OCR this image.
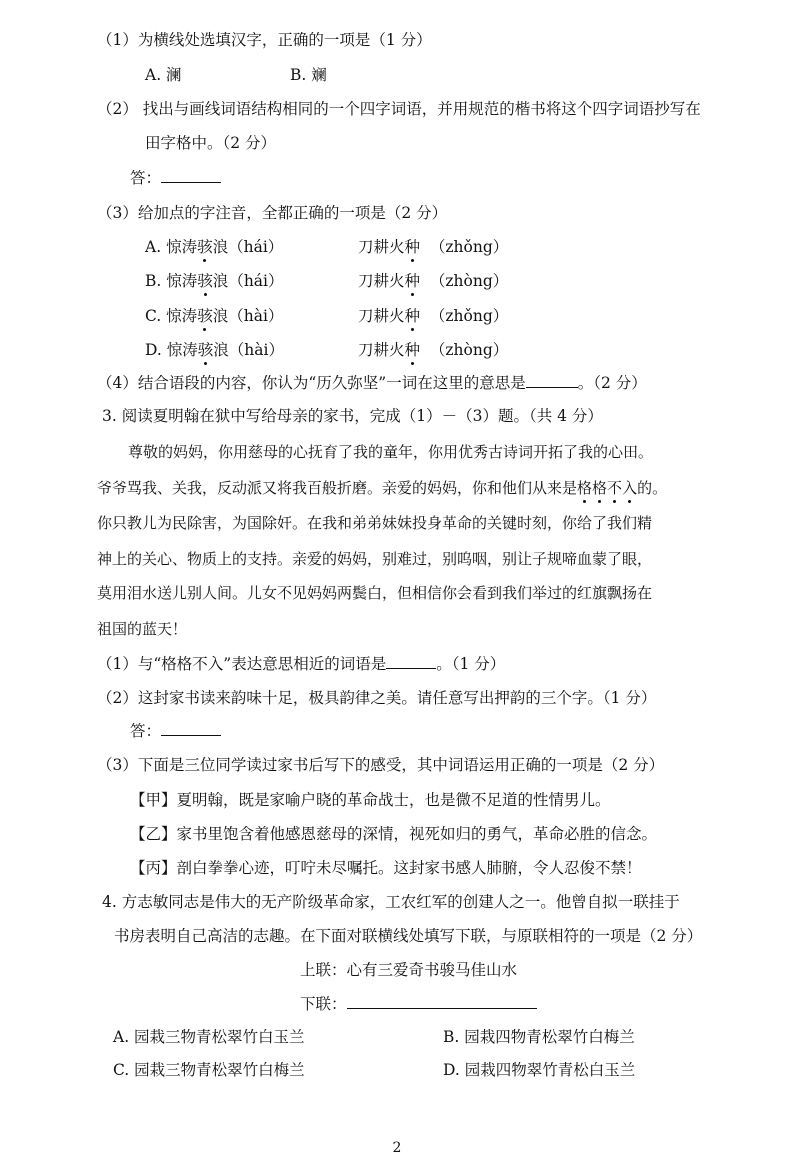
（1）为横线处选填汉字，正确的一项是（1 分）
A. 澜	B. 斓
（2） 找出与画线词语结构相同的一个四字词语，并用规范的楷书将这个四字词语抄写在
田字格中。（2 分）
答：
（3）给加点的字注音，全都正确的一项是（2 分）
A. 惊涛骇浪（hái）	刀耕火种 （zhǒng）
B. 惊涛骇浪（hái）	刀耕火种 （zhòng）
C. 惊涛骇浪（hài）	刀耕火种 （zhǒng）
D. 惊涛骇浪（hài）	刀耕火种 （zhòng）
（4）结合语段的内容，你认为“历久弥坚”一词在这里的意思是	。（2 分）
3. 阅读夏明翰在狱中写给母亲的家书，完成（1）－（3）题。（共 4 分）
尊敬的妈妈，你用慈母的心抚育了我的童年，你用优秀古诗词开拓了我的心田。
爷爷骂我、关我，反动派又将我百般折磨。亲爱的妈妈，你和他们从来是格格不入的。
你只教儿为民除害，为国除奸。在我和弟弟妹妹投身革命的关键时刻，你给了我们精
神上的关心、物质上的支持。亲爱的妈妈，别难过，别呜咽，别让子规啼血蒙了眼，
莫用泪水送儿别人间。儿女不见妈妈两鬓白，但相信你会看到我们举过的红旗飘扬在
祖国的蓝天！
（1）与“格格不入”表达意思相近的词语是	。（1 分）
（2）这封家书读来韵味十足，极具韵律之美。请任意写出押韵的三个字。（1 分）
答：
（3）下面是三位同学读过家书后写下的感受，其中词语运用正确的一项是（2 分）
【甲】夏明翰，既是家喻户晓的革命战士，也是微不足道的性情男儿。
【乙】家书里饱含着他感恩慈母的深情，视死如归的勇气，革命必胜的信念。
【丙】剖白拳拳心迹，叮咛未尽嘱托。这封家书感人肺腑，令人忍俊不禁！
4. 方志敏同志是伟大的无产阶级革命家，工农红军的创建人之一。他曾自拟一联挂于
书房表明自己高洁的志趣。在下面对联横线处填写下联，与原联相符的一项是（2 分）
上联：心有三爱奇书骏马佳山水
下联：
A. 园栽三物青松翠竹白玉兰	B. 园栽四物青松翠竹白梅兰
C. 园栽三物青松翠竹白梅兰	D. 园栽四物翠竹青松白玉兰
2
